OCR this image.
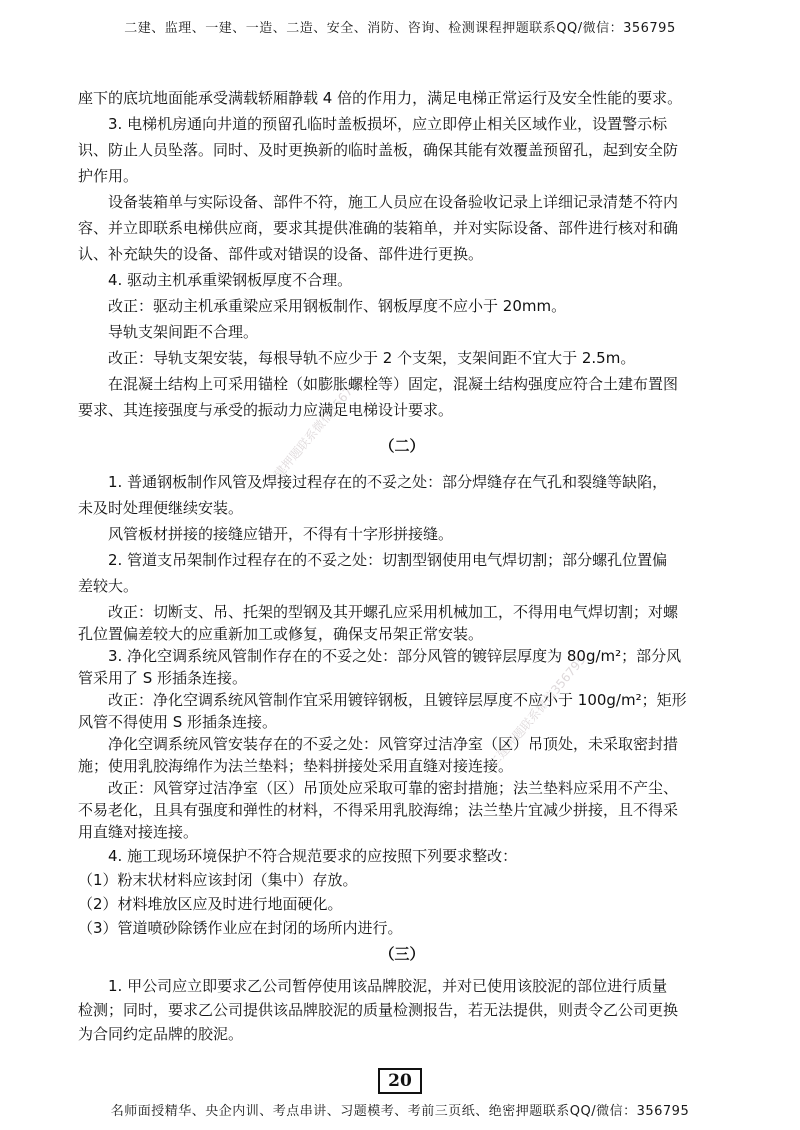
二建、监理、一建、一造、二造、安全、消防、咨询、检测课程押题联系QQ/微信：356795
二建押题联系微信356795
二建押题联系微信356795
座下的底坑地面能承受满载轿厢静载 4 倍的作用力，满足电梯正常运行及安全性能的要求。
3. 电梯机房通向井道的预留孔临时盖板损坏，应立即停止相关区域作业，设置警示标
识、防止人员坠落。同时、及时更换新的临时盖板，确保其能有效覆盖预留孔，起到安全防
护作用。
设备装箱单与实际设备、部件不符，施工人员应在设备验收记录上详细记录清楚不符内
容、并立即联系电梯供应商，要求其提供准确的装箱单，并对实际设备、部件进行核对和确
认、补充缺失的设备、部件或对错误的设备、部件进行更换。
4. 驱动主机承重梁钢板厚度不合理。
改正：驱动主机承重梁应采用钢板制作、钢板厚度不应小于 20mm。
导轨支架间距不合理。
改正：导轨支架安装，每根导轨不应少于 2 个支架，支架间距不宜大于 2.5m。
在混凝土结构上可采用锚栓（如膨胀螺栓等）固定，混凝土结构强度应符合土建布置图
要求、其连接强度与承受的振动力应满足电梯设计要求。
（二）
1. 普通钢板制作风管及焊接过程存在的不妥之处：部分焊缝存在气孔和裂缝等缺陷，
未及时处理便继续安装。
风管板材拼接的接缝应错开，不得有十字形拼接缝。
2. 管道支吊架制作过程存在的不妥之处：切割型钢使用电气焊切割；部分螺孔位置偏
差较大。
改正：切断支、吊、托架的型钢及其开螺孔应采用机械加工，不得用电气焊切割；对螺
孔位置偏差较大的应重新加工或修复，确保支吊架正常安装。
3. 净化空调系统风管制作存在的不妥之处：部分风管的镀锌层厚度为 80g/m²；部分风
管采用了 S 形插条连接。
改正：净化空调系统风管制作宜采用镀锌钢板，且镀锌层厚度不应小于 100g/m²；矩形
风管不得使用 S 形插条连接。
净化空调系统风管安装存在的不妥之处：风管穿过洁净室（区）吊顶处，未采取密封措
施；使用乳胶海绵作为法兰垫料；垫料拼接处采用直缝对接连接。
改正：风管穿过洁净室（区）吊顶处应采取可靠的密封措施；法兰垫料应采用不产尘、
不易老化，且具有强度和弹性的材料，不得采用乳胶海绵；法兰垫片宜减少拼接，且不得采
用直缝对接连接。
4. 施工现场环境保护不符合规范要求的应按照下列要求整改：
（1）粉末状材料应该封闭（集中）存放。
（2）材料堆放区应及时进行地面硬化。
（3）管道喷砂除锈作业应在封闭的场所内进行。
（三）
1. 甲公司应立即要求乙公司暂停使用该品牌胶泥，并对已使用该胶泥的部位进行质量
检测；同时，要求乙公司提供该品牌胶泥的质量检测报告，若无法提供，则责令乙公司更换
为合同约定品牌的胶泥。
20
名师面授精华、央企内训、考点串讲、习题模考、考前三页纸、绝密押题联系QQ/微信：356795
